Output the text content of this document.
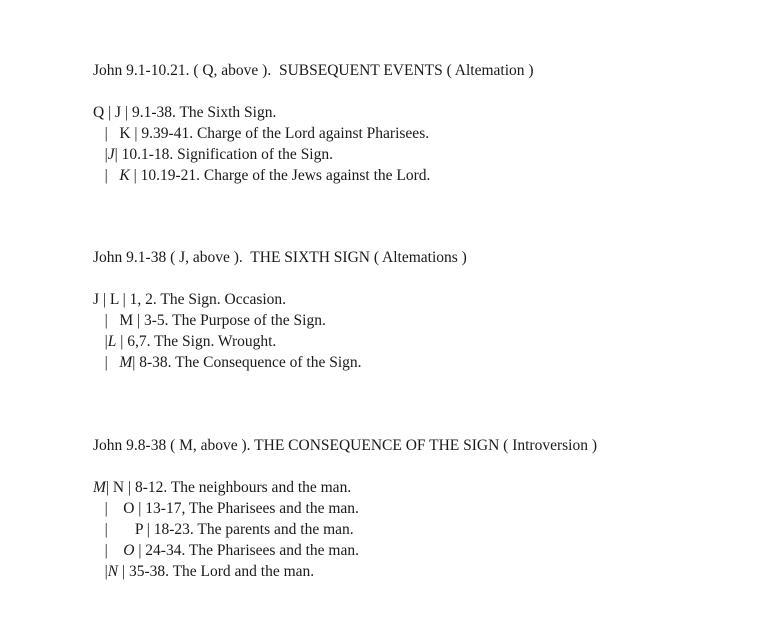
John 9.1-10.21. ( Q, above ).  SUBSEQUENT EVENTS ( Altemation )
Q | J | 9.1-38. The Sixth Sign.
|   K | 9.39-41. Charge of the Lord against Pharisees.
|J| 10.1-18. Signification of the Sign.
|   K | 10.19-21. Charge of the Jews against the Lord.
John 9.1-38 ( J, above ).  THE SIXTH SIGN ( Altemations )
J | L | 1, 2. The Sign. Occasion.
|   M | 3-5. The Purpose of the Sign.
|L | 6,7. The Sign. Wrought.
|   M| 8-38. The Consequence of the Sign.
John 9.8-38 ( M, above ). THE CONSEQUENCE OF THE SIGN ( Introversion )
M| N | 8-12. The neighbours and the man.
|    O | 13-17, The Pharisees and the man.
|       P | 18-23. The parents and the man.
|    O | 24-34. The Pharisees and the man.
|N | 35-38. The Lord and the man.
